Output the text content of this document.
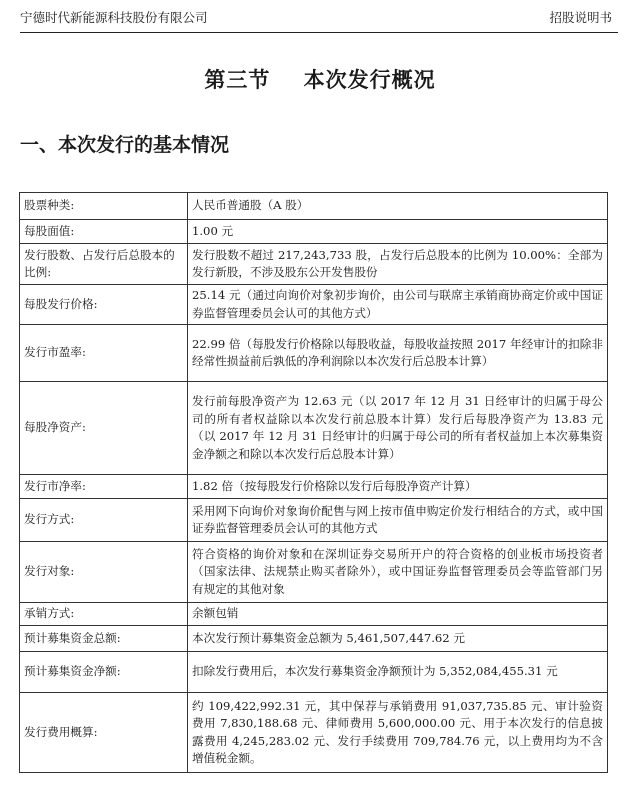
宁德时代新能源科技股份有限公司	招股说明书
第三节    本次发行概况
一、本次发行的基本情况
股票种类:	人民币普通股（A 股）
每股面值:	1.00 元
发行股数、占发行后总股本的比例:	发行股数不超过 217,243,733 股，占发行后总股本的比例为 10.00%：全部为发行新股，不涉及股东公开发售股份
每股发行价格:	25.14 元（通过向询价对象初步询价，由公司与联席主承销商协商定价或中国证券监督管理委员会认可的其他方式）
发行市盈率:	22.99 倍（每股发行价格除以每股收益，每股收益按照 2017 年经审计的扣除非经常性损益前后孰低的净利润除以本次发行后总股本计算）
每股净资产:	发行前每股净资产为 12.63 元（以 2017 年 12 月 31 日经审计的归属于母公司的所有者权益除以本次发行前总股本计算）发行后每股净资产为 13.83 元（以 2017 年 12 月 31 日经审计的归属于母公司的所有者权益加上本次募集资金净额之和除以本次发行后总股本计算）
发行市净率:	1.82 倍（按每股发行价格除以发行后每股净资产计算）
发行方式:	采用网下向询价对象询价配售与网上按市值申购定价发行相结合的方式，或中国证券监督管理委员会认可的其他方式
发行对象:	符合资格的询价对象和在深圳证券交易所开户的符合资格的创业板市场投资者（国家法律、法规禁止购买者除外），或中国证券监督管理委员会等监管部门另有规定的其他对象
承销方式:	余额包销
预计募集资金总额:	本次发行预计募集资金总额为 5,461,507,447.62 元
预计募集资金净额:	扣除发行费用后，本次发行募集资金净额预计为 5,352,084,455.31 元
发行费用概算:	约 109,422,992.31 元，其中保荐与承销费用 91,037,735.85 元、审计验资费用 7,830,188.68 元、律师费用 5,600,000.00 元、用于本次发行的信息披露费用 4,245,283.02 元、发行手续费用 709,784.76 元，以上费用均为不含增值税金额。
